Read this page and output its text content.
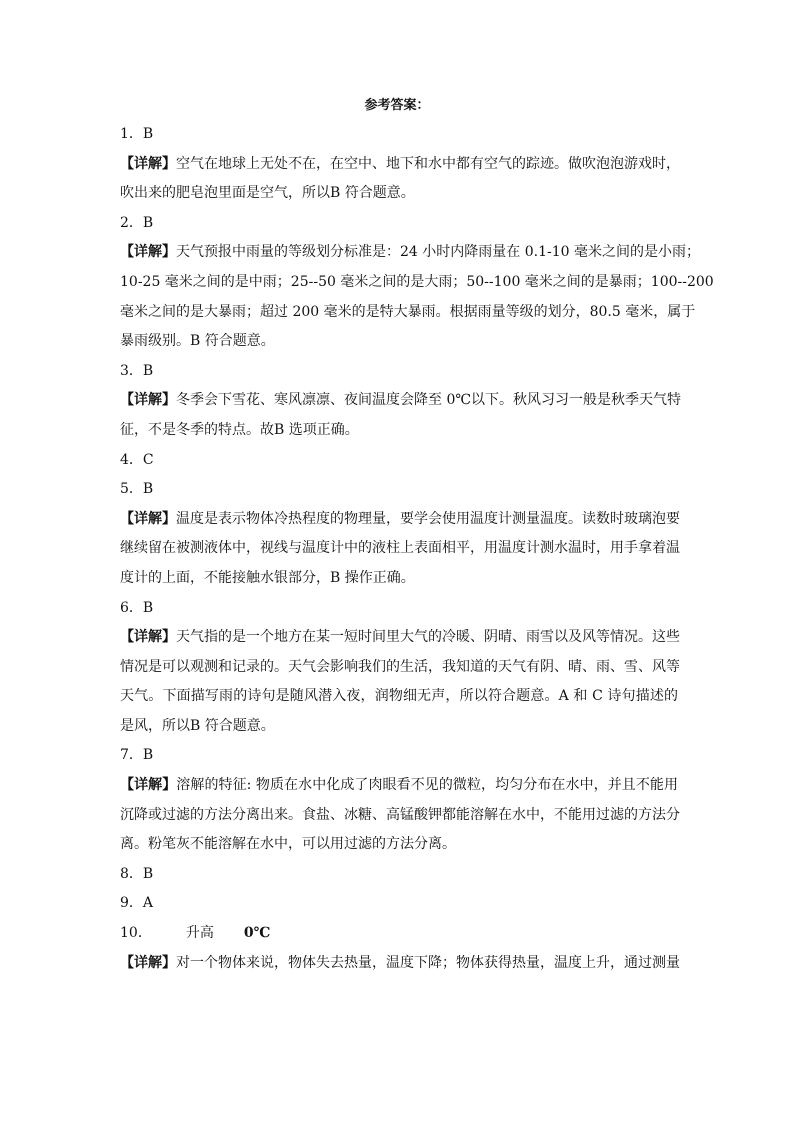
参考答案：
1．B
【详解】空气在地球上无处不在，在空中、地下和水中都有空气的踪迹。做吹泡泡游戏时，
吹出来的肥皂泡里面是空气，所以B 符合题意。
2．B
【详解】天气预报中雨量的等级划分标准是：24 小时内降雨量在 0.1-10 毫米之间的是小雨；
10-25 毫米之间的是中雨；25--50 毫米之间的是大雨；50--100 毫米之间的是暴雨；100--200
毫米之间的是大暴雨；超过 200 毫米的是特大暴雨。根据雨量等级的划分，80.5 毫米，属于
暴雨级别。B 符合题意。
3．B
【详解】冬季会下雪花、寒风凛凛、夜间温度会降至 0℃以下。秋风习习一般是秋季天气特
征，不是冬季的特点。故B 选项正确。
4．C
5．B
【详解】温度是表示物体冷热程度的物理量，要学会使用温度计测量温度。读数时玻璃泡要
继续留在被测液体中，视线与温度计中的液柱上表面相平，用温度计测水温时，用手拿着温
度计的上面，不能接触水银部分，B 操作正确。
6．B
【详解】天气指的是一个地方在某一短时间里大气的冷暖、阴晴、雨雪以及风等情况。这些
情况是可以观测和记录的。天气会影响我们的生活，我知道的天气有阴、晴、雨、雪、风等
天气。下面描写雨的诗句是随风潜入夜，润物细无声，所以符合题意。A 和 C 诗句描述的
是风，所以B 符合题意。
7．B
【详解】溶解的特征: 物质在水中化成了肉眼看不见的微粒，均匀分布在水中，并且不能用
沉降或过滤的方法分离出来。食盐、冰糖、高锰酸钾都能溶解在水中，不能用过滤的方法分
离。粉笔灰不能溶解在水中，可以用过滤的方法分离。
8．B
9．A
10． 升高 0℃
【详解】对一个物体来说，物体失去热量，温度下降；物体获得热量，温度上升，通过测量
